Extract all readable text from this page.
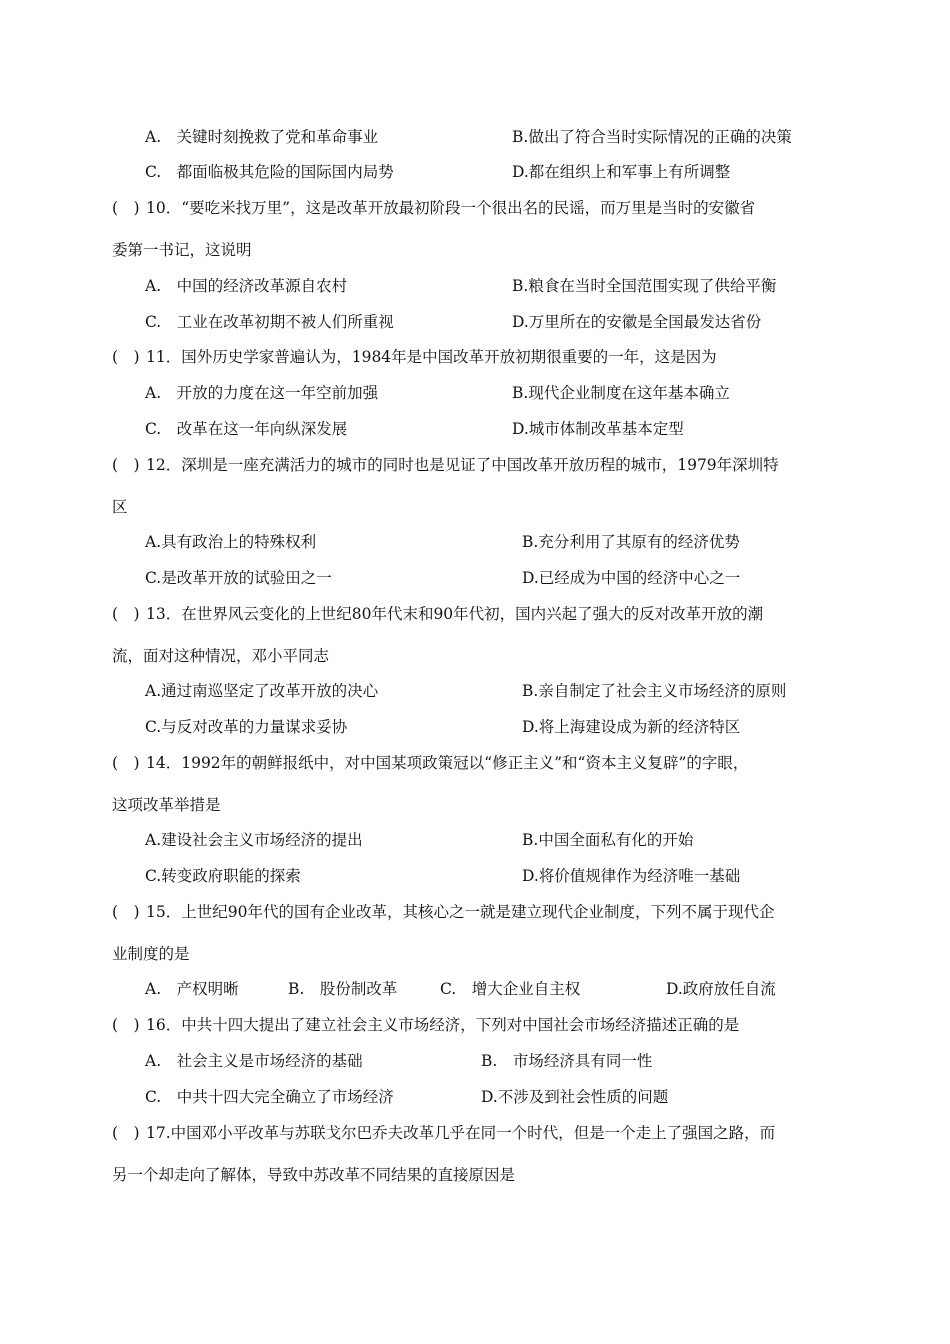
A.　关键时刻挽救了党和革命事业	B.做出了符合当时实际情况的正确的决策
C.　都面临极其危险的国际国内局势	D.都在组织上和军事上有所调整
(　) 10．“要吃米找万里”，这是改革开放最初阶段一个很出名的民谣，而万里是当时的安徽省
委第一书记，这说明
A.　中国的经济改革源自农村	B.粮食在当时全国范围实现了供给平衡
C.　工业在改革初期不被人们所重视	D.万里所在的安徽是全国最发达省份
(　) 11．国外历史学家普遍认为，1984年是中国改革开放初期很重要的一年，这是因为
A.　开放的力度在这一年空前加强	B.现代企业制度在这年基本确立
C.　改革在这一年向纵深发展	D.城市体制改革基本定型
(　) 12．深圳是一座充满活力的城市的同时也是见证了中国改革开放历程的城市，1979年深圳特
区
A.具有政治上的特殊权利	B.充分利用了其原有的经济优势
C.是改革开放的试验田之一	D.已经成为中国的经济中心之一
(　) 13．在世界风云变化的上世纪80年代末和90年代初，国内兴起了强大的反对改革开放的潮
流，面对这种情况，邓小平同志
A.通过南巡坚定了改革开放的决心	B.亲自制定了社会主义市场经济的原则
C.与反对改革的力量谋求妥协	D.将上海建设成为新的经济特区
(　) 14．1992年的朝鲜报纸中，对中国某项政策冠以“修正主义”和“资本主义复辟”的字眼，
这项改革举措是
A.建设社会主义市场经济的提出	B.中国全面私有化的开始
C.转变政府职能的探索	D.将价值规律作为经济唯一基础
(　) 15．上世纪90年代的国有企业改革，其核心之一就是建立现代企业制度，下列不属于现代企
业制度的是
A.　产权明晰	B.　股份制改革	C.　增大企业自主权	D.政府放任自流
(　) 16．中共十四大提出了建立社会主义市场经济，下列对中国社会市场经济描述正确的是
A.　社会主义是市场经济的基础	B.　市场经济具有同一性
C.　中共十四大完全确立了市场经济	D.不涉及到社会性质的问题
(　) 17.中国邓小平改革与苏联戈尔巴乔夫改革几乎在同一个时代，但是一个走上了强国之路，而
另一个却走向了解体，导致中苏改革不同结果的直接原因是
